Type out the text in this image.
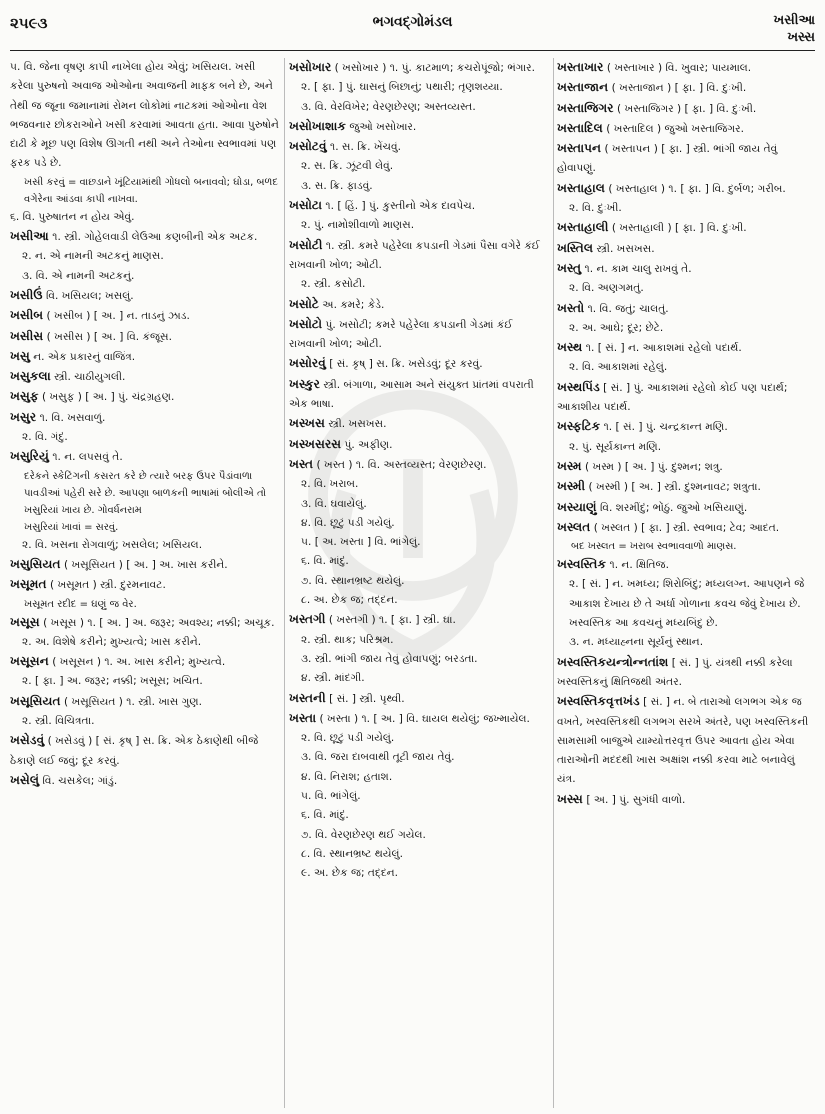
૨૫૯૩	ભગવદ્ગોમંડલ	ખસીઆ
ખસ્સ
૫. વિ. જેના વૃષણ કાપી નાખેલા હોય એવું; ખસિયલ. ખસી કરેલા પુરુષનો અવાજ ઓઓના અવાજની માફક બને છે, અને તેથી જ જૂના જમાનામાં રોમન લોકોમાં નાટકમાં ઓઓના વેશ ભજવનાર છોકરાઓને ખસી કરવામાં આવતા હતા. આવા પુરુષોને દાઢી કે મૂછ પણ વિશેષ ઊગતી નથી અને તેઓના સ્વભાવમાં પણ ફરક પડે છે.
ખસી કરવું = વાછડાને ખૂંટિયામાંથી ગોધલો બનાવવો; ઘોડા, બળદ વગેરેના આંડવા કાપી નાખવા.
૬. વિ. પુરુષાતન ન હોય એવું.
ખસીઆ ૧. સ્ત્રી. ગોહેલવાડી લેઉઆ કણબીની એક અટક.
૨. ન. એ નામની અટકનું માણસ.
૩. વિ. એ નામની અટકનું.
ખસીઉં વિ. ખસિયલ; ખસલું.
ખસીબ ( ખસીબ ) [ અ. ] ન. તાડનું ઝાડ.
ખસીસ ( ખસીસ ) [ અ. ] વિ. કંજૂસ.
ખસુ ન. એક પ્રકારનું વાજિંત્ર.
ખસુકલા સ્ત્રી. ચાઠીયુગલી.
ખસુફ ( ખસુફ ) [ અ. ] પું. ચંદ્રગ્રહણ.
ખસુર ૧. વિ. ખસવાળું.
૨. વિ. ગંદું.
ખસુરિયું ૧. ન. લપસવું તે.
દરેકને સ્કેટિંગની કસરત કરે છે ત્યારે બરફ ઉપર પૈડાંવાળા પાવડીઆં પહેરી સરે છે. આપણા બાળકની ભાષામાં બોલીએ તો ખસુરિયાં ખાય છે. ગોવર્ધનરામ
ખસુરિયાં ખાવાં = સરવું.
૨. વિ. ખસના રોગવાળું; ખસલેલ; ખસિયલ.
ખસુસિયત ( ખસૂસિયત ) [ અ. ] અ. ખાસ કરીને.
ખસૂમત ( ખસૂમત ) સ્ત્રી. દુરમનાવટ.
ખસૂમત રદીદ = ઘણું જ વેર.
ખસૂસ ( ખસૂસ ) ૧. [ અ. ] અ. જરૂર; અવશ્ય; નક્કી; અચૂક.
૨. અ. વિશેષે કરીને; મુખ્યત્વે; ખાસ કરીને.
ખસૂસન ( ખસૂસન ) ૧. અ. ખાસ કરીને; મુખ્યત્વે.
૨. [ ફા. ] અ. જરૂર; નક્કી; ખસૂસ; ખચિત.
ખસૂસિયત ( ખસૂસિયત ) ૧. સ્ત્રી. ખાસ ગુણ.
૨. સ્ત્રી. વિચિત્રતા.
ખસેડવું ( ખસેડવું ) [ સં. કૃષ્ ] સ. ક્રિ. એક ઠેકાણેથી બીજે ઠેકાણે લઈ જવું; દૂર કરવું.
ખસેલું વિ. ચસકેલ; ગાંડું.
ખસોખાર ( ખસોખાર ) ૧. પું. કાટમાળ; કચરોપૂંજો; ભંગાર.
૨. [ ફા. ] પું. ઘાસનું બિછાનું; પથારી; તૃણશય્યા.
૩. વિ. વેરવિખેર; વેરણછેરણ; અસ્તવ્યસ્ત.
ખસોખાશાક જુઓ ખસોખાર.
ખસોટવું ૧. સ. ક્રિ. ખેંચવું.
૨. સ. ક્રિ. ઝૂંટવી લેવું.
૩. સ. ક્રિ. ફાડવું.
ખસોટા ૧. [ હિં. ] પું. કુસ્તીનો એક દાવપેચ.
૨. પું. નામોશીવાળો માણસ.
ખસોટી ૧. સ્ત્રી. કમરે પહેરેલા કપડાની ગેડમાં પૈસા વગેરે કંઈ રાખવાની ખોળ; ઓટી.
૨. સ્ત્રી. કસોટી.
ખસોટે અ. કમરે; કેડે.
ખસોટો પું. ખસોટી; કમરે પહેરેલા કપડાની ગેડમાં કંઈ રાખવાની ખોળ; ઓટી.
ખસોરવું [ સં. કૃષ્ ] સ. ક્રિ. ખસેડવું; દૂર કરવું.
ખસ્કુર સ્ત્રી. બંગાળા, આસામ અને સંયુક્ત પ્રાંતમાં વપરાતી એક ભાષા.
ખસ્ખસ સ્ત્રી. ખસખસ.
ખસ્ખસરસ પું. અફીણ.
ખસ્ત ( ખસ્ત ) ૧. વિ. અસ્તવ્યસ્ત; વેરણછેરણ.
૨. વિ. ખરાબ.
૩. વિ. ઘવાયેલું.
૪. વિ. છૂટું પડી ગયેલું.
૫. [ અ. ખસ્તા ] વિ. ભાંગેલું.
૬. વિ. માંદું.
૭. વિ. સ્થાનભ્રષ્ટ થયેલું.
૮. અ. છેક જ; તદ્દન.
ખસ્તગી ( ખસ્તગી ) ૧. [ ફા. ] સ્ત્રી. ઘા.
૨. સ્ત્રી. થાક; પરિશ્રમ.
૩. સ્ત્રી. ભાંગી જાય તેવું હોવાપણું; બરડતા.
૪. સ્ત્રી. માંદગી.
ખસ્તની [ સં. ] સ્ત્રી. પૃથ્વી.
ખસ્તા ( ખસ્તા ) ૧. [ અ. ] વિ. ઘાયલ થયેલું; જખ્માયેલ.
૨. વિ. છૂટું પડી ગયેલું.
૩. વિ. જરા દાબવાથી તૂટી જાય તેવું.
૪. વિ. નિરાશ; હતાશ.
૫. વિ. ભાંગેલું.
૬. વિ. માંદું.
૭. વિ. વેરણછેરણ થઈ ગયેલ.
૮. વિ. સ્થાનભ્રષ્ટ થયેલું.
૯. અ. છેક જ; તદ્દન.
ખસ્તાખાર ( ખસ્તાખાર ) વિ. ખુવાર; પાયમાલ.
ખસ્તાજાન ( ખસ્તાજાન ) [ ફા. ] વિ. દુઃખી.
ખસ્તાજિગર ( ખસ્તાજિગર ) [ ફા. ] વિ. દુઃખી.
ખસ્તાદિલ ( ખસ્તાદિલ ) જુઓ ખસ્તાજિગર.
ખસ્તાપન ( ખસ્તાપન ) [ ફા. ] સ્ત્રી. ભાંગી જાય તેવું હોવાપણું.
ખસ્તાહાલ ( ખસ્તાહાલ ) ૧. [ ફા. ] વિ. દુર્બળ; ગરીબ.
૨. વિ. દુઃખી.
ખસ્તાહાલી ( ખસ્તાહાલી ) [ ફા. ] વિ. દુઃખી.
ખસ્તિલ સ્ત્રી. ખસખસ.
ખસ્તુ ૧. ન. કામ ચાલુ રાખવું તે.
૨. વિ. અણગમતું.
ખસ્તો ૧. વિ. જતું; ચાલતું.
૨. અ. આઘે; દૂર; છેટે.
ખસ્થ ૧. [ સં. ] ન. આકાશમાં રહેલો પદાર્થ.
૨. વિ. આકાશમાં રહેલું.
ખસ્થપિંડ [ સં. ] પું. આકાશમાં રહેલો કોઈ પણ પદાર્થ; આકાશીય પદાર્થ.
ખસ્ફટિક ૧. [ સં. ] પું. ચન્દ્રકાન્ત મણિ.
૨. પું. સૂર્યકાન્ત મણિ.
ખસ્મ ( ખસ્મ ) [ અ. ] પું. દુશ્મન; શત્રુ.
ખસ્મી ( ખસ્મી ) [ અ. ] સ્ત્રી. દુશ્મનાવટ; શત્રુતા.
ખસ્યાણું વિ. શરમીંદું; ભોંઠું. જુઓ ખસિયાણું.
ખસ્લત ( ખસ્લત ) [ ફા. ] સ્ત્રી. સ્વભાવ; ટેવ; આદત.
બદ ખસ્લત = ખરાબ સ્વભાવવાળો માણસ.
ખસ્વસ્તિક ૧. ન. ક્ષિતિજ.
૨. [ સં. ] ન. ખમધ્ય; શિરોબિંદુ; મધ્યલગ્ન. આપણને જે આકાશ દેખાય છે તે અર્ધા ગોળાના કવચ જેવું દેખાય છે. ખસ્વસ્તિક આ કવચનું મધ્યબિંદુ છે.
૩. ન. મધ્યાહ્નના સૂર્યનું સ્થાન.
ખસ્વસ્તિકયન્ત્રોન્નતાંશ [ સં. ] પું. યંત્રથી નક્કી કરેલા ખસ્વસ્તિકનું ક્ષિતિજથી અંતર.
ખસ્વસ્તિકવૃત્તખંડ [ સં. ] ન. બે તારાઓ લગભગ એક જ વખતે, ખસ્વસ્તિકથી લગભગ સરખે અંતરે, પણ ખસ્વસ્તિકની સામસામી બાજુએ યામ્યોત્તરવૃત્ત ઉપર આવતા હોય એવા તારાઓની મદદથી ખાસ અક્ષાંશ નક્કી કરવા માટે બનાવેલું યંત્ર.
ખસ્સ [ અ. ] પું. સુગંધી વાળો.
